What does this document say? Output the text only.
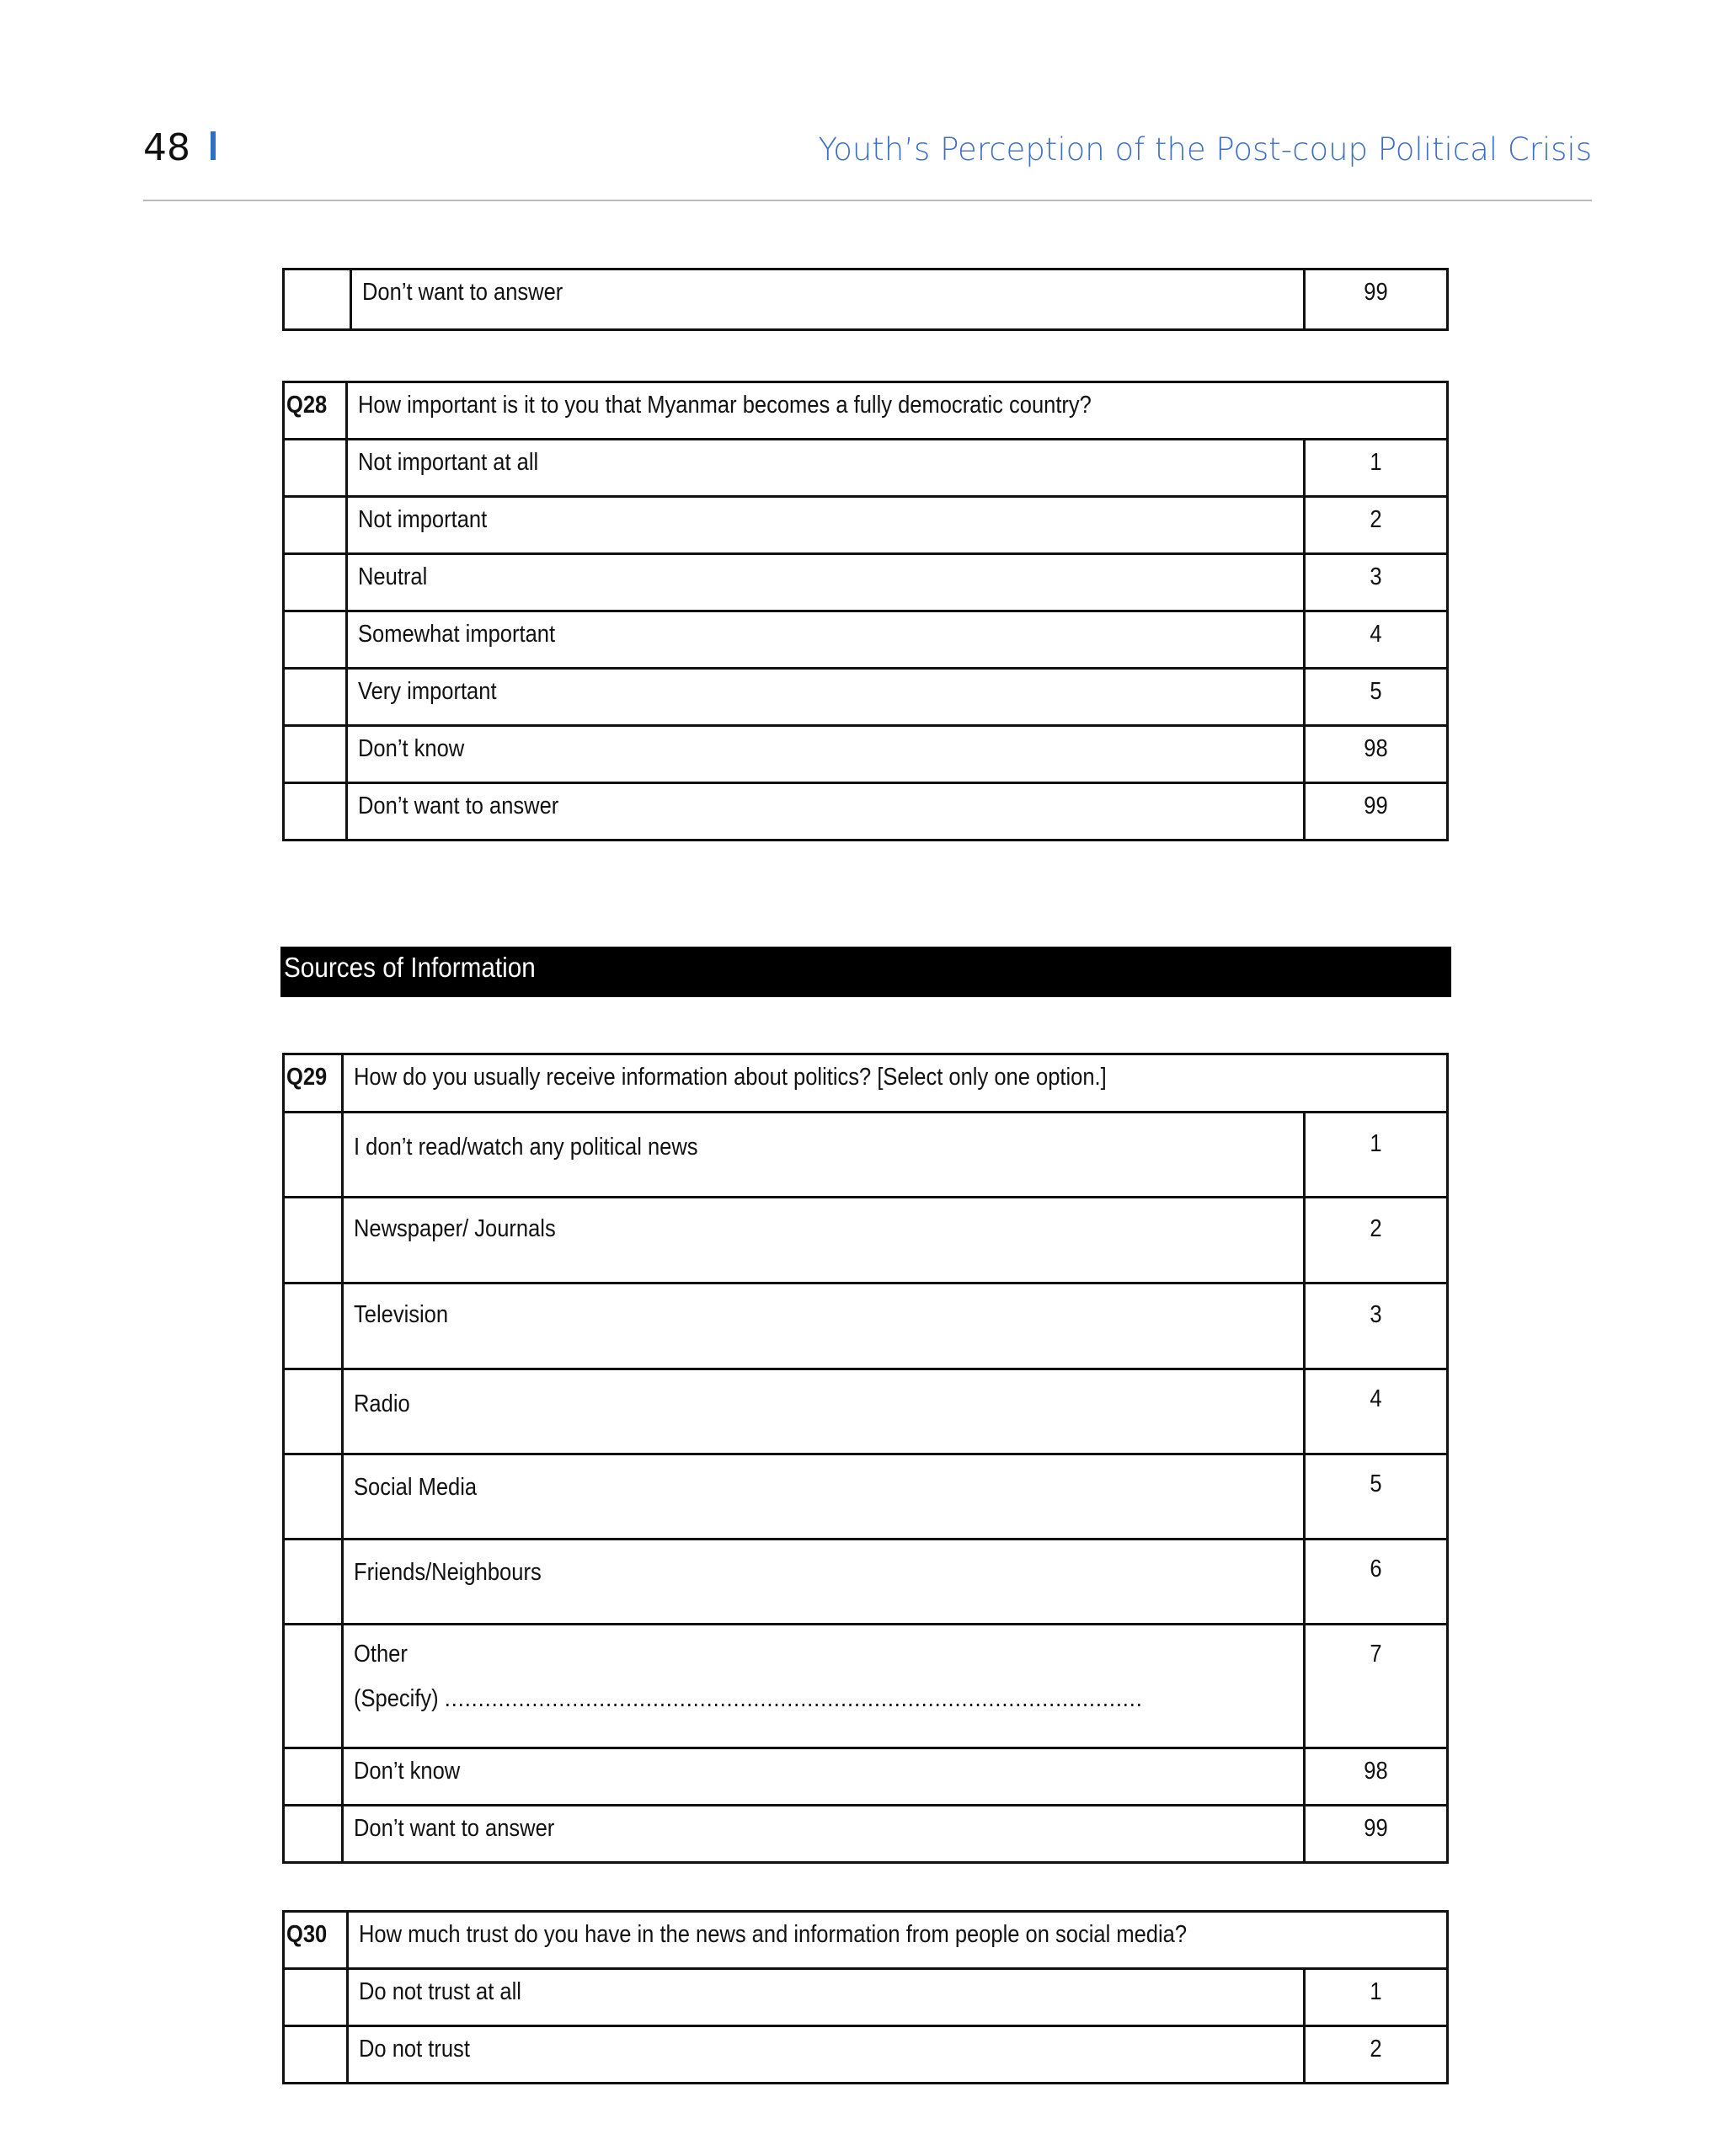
48	Youth’s Perception of the Post-coup Political Crisis

Don’t want to answer	99
Q28	How important is it to you that Myanmar becomes a fully democratic country?	

	Not important at all	1

	Not important	2

	Neutral	3

	Somewhat important	4

	Very important	5

	Don’t know	98

	Don’t want to answer	99
Sources of Information
Q29	How do you usually receive information about politics? [Select only one option.]	

	I don’t read/watch any political news	1

	Newspaper/ Journals	2

	Television	3

	Radio	4

	Social Media	5

	Friends/Neighbours	6

	Other
(Specify) ........................................................................................................	7

	Don’t know	98

	Don’t want to answer	99
Q30	How much trust do you have in the news and information from people on social media?	

	Do not trust at all	1

	Do not trust	2
